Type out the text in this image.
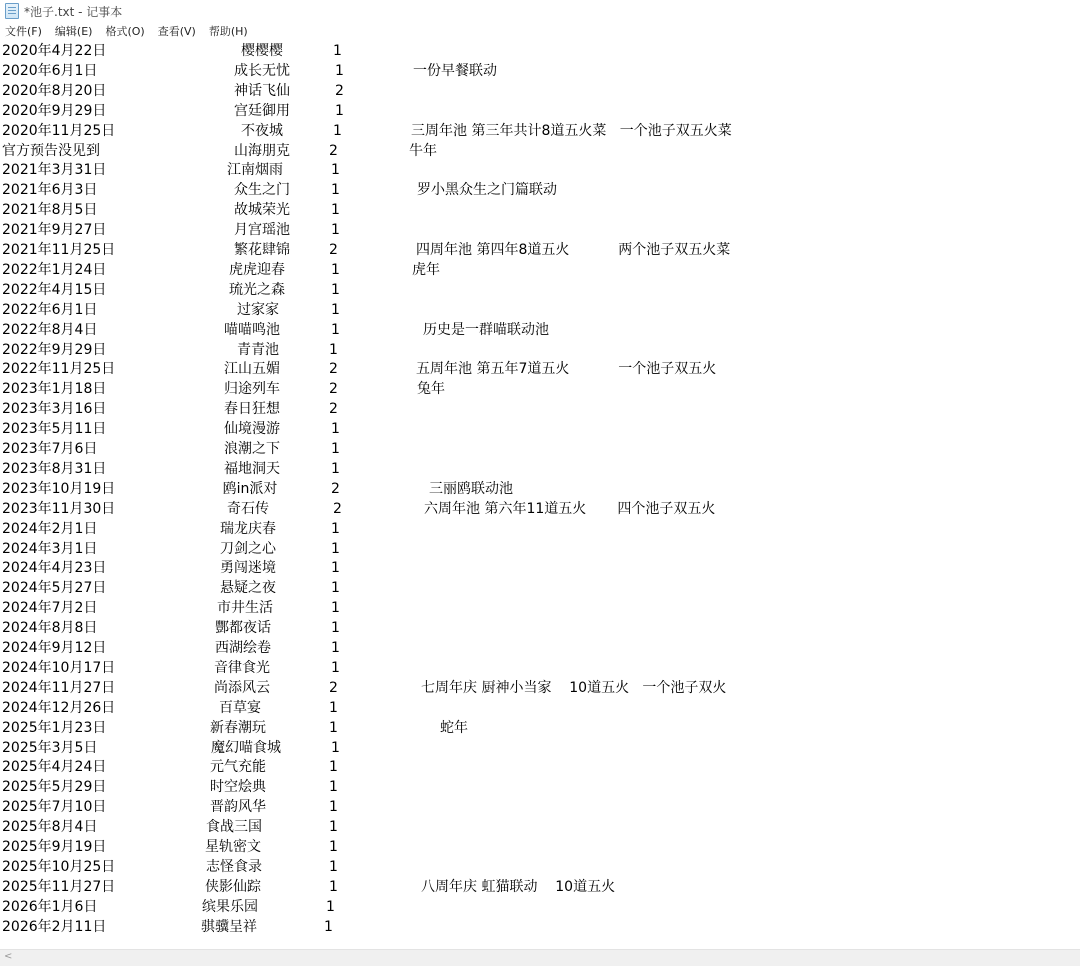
*池子.txt - 记事本
文件(F)	编辑(E)	格式(O)	查看(V)	帮助(H)
2020年4月22日	樱樱樱	1
2020年6月1日	成长无忧	1	一份早餐联动
2020年8月20日	神话飞仙	2
2020年9月29日	宫廷御用	1
2020年11月25日	不夜城	1	三周年池 第三年共计8道五火菜   一个池子双五火菜
官方预告没见到	山海朋克	2	牛年
2021年3月31日	江南烟雨	1
2021年6月3日	众生之门	1	罗小黑众生之门篇联动
2021年8月5日	故城荣光	1
2021年9月27日	月宫瑶池	1
2021年11月25日	繁花肆锦	2	四周年池 第四年8道五火           两个池子双五火菜
2022年1月24日	虎虎迎春	1	虎年
2022年4月15日	琉光之森	1
2022年6月1日	过家家	1
2022年8月4日	喵喵鸣池	1	历史是一群喵联动池
2022年9月29日	青青池	1
2022年11月25日	江山五媚	2	五周年池 第五年7道五火           一个池子双五火
2023年1月18日	归途列车	2	兔年
2023年3月16日	春日狂想	2
2023年5月11日	仙境漫游	1
2023年7月6日	浪潮之下	1
2023年8月31日	福地洞天	1
2023年10月19日	鸥in派对	2	三丽鸥联动池
2023年11月30日	奇石传	2	六周年池 第六年11道五火       四个池子双五火
2024年2月1日	瑞龙庆春	1
2024年3月1日	刀剑之心	1
2024年4月23日	勇闯迷境	1
2024年5月27日	悬疑之夜	1
2024年7月2日	市井生活	1
2024年8月8日	酆都夜话	1
2024年9月12日	西湖绘卷	1
2024年10月17日	音律食光	1
2024年11月27日	尚添风云	2	七周年庆 厨神小当家    10道五火   一个池子双火
2024年12月26日	百草宴	1
2025年1月23日	新春潮玩	1	蛇年
2025年3月5日	魔幻喵食城	1
2025年4月24日	元气充能	1
2025年5月29日	时空烩典	1
2025年7月10日	晋韵风华	1
2025年8月4日	食战三国	1
2025年9月19日	星轨密文	1
2025年10月25日	志怪食录	1
2025年11月27日	侠影仙踪	1	八周年庆 虹猫联动    10道五火
2026年1月6日	缤果乐园	1
2026年2月11日	骐骥呈祥	1
<
